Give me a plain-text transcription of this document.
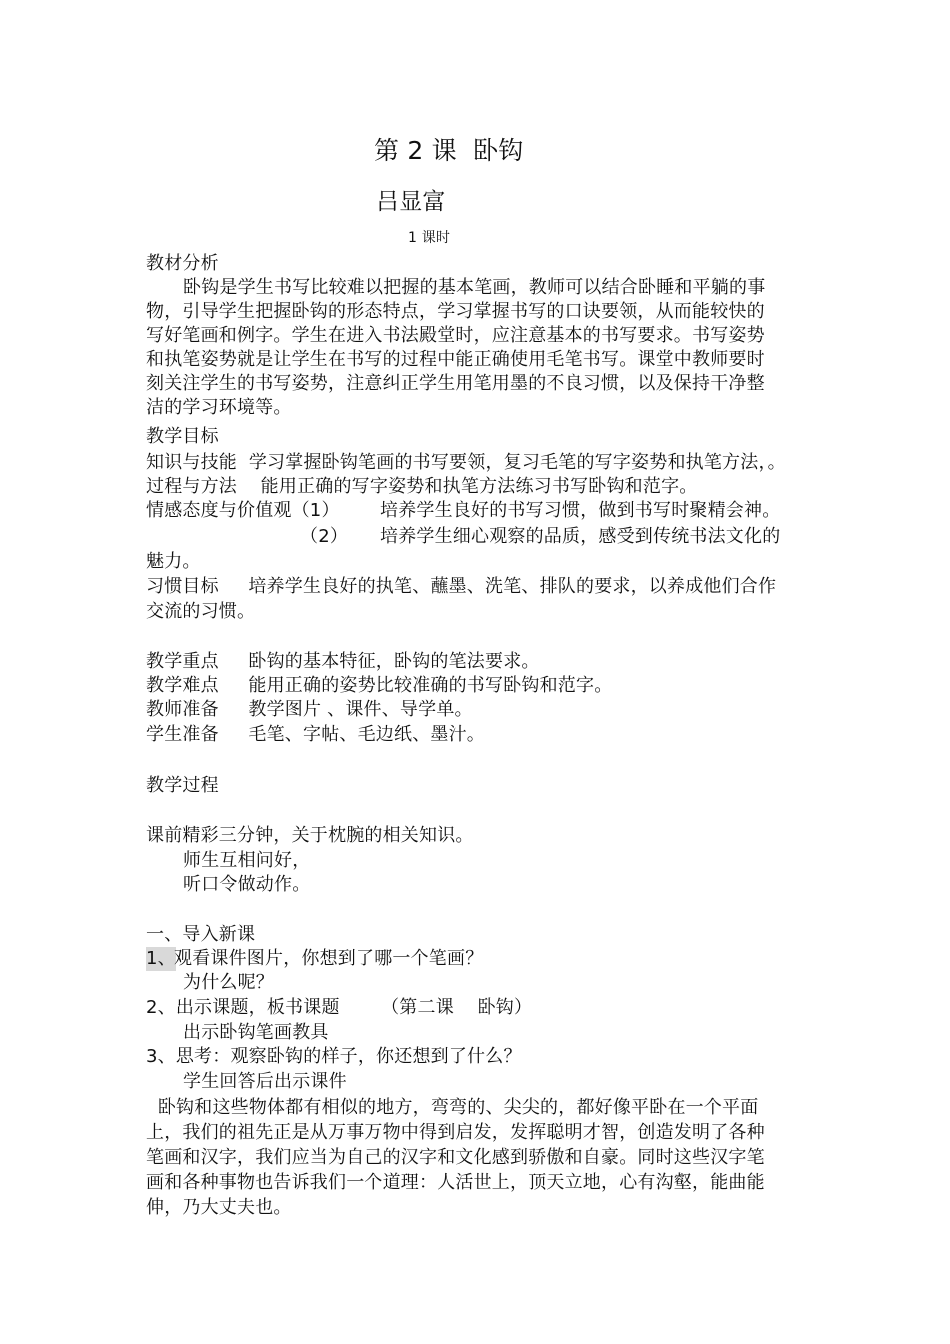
第 2 课  卧钩
吕显富
1 课时
教材分析
卧钩是学生书写比较难以把握的基本笔画，教师可以结合卧睡和平躺的事
物，引导学生把握卧钩的形态特点，学习掌握书写的口诀要领，从而能较快的
写好笔画和例字。学生在进入书法殿堂时，应注意基本的书写要求。书写姿势
和执笔姿势就是让学生在书写的过程中能正确使用毛笔书写。课堂中教师要时
刻关注学生的书写姿势，注意纠正学生用笔用墨的不良习惯，以及保持干净整
洁的学习环境等。
教学目标
知识与技能  学习掌握卧钩笔画的书写要领，复习毛笔的写字姿势和执笔方法，。
过程与方法    能用正确的写字姿势和执笔方法练习书写卧钩和范字。
情感态度与价值观（1） 培养学生良好的书写习惯，做到书写时聚精会神。
（2） 培养学生细心观察的品质，感受到传统书法文化的
魅力。
习惯目标     培养学生良好的执笔、蘸墨、洗笔、排队的要求，以养成他们合作
交流的习惯。
教学重点     卧钩的基本特征，卧钩的笔法要求。
教学难点     能用正确的姿势比较准确的书写卧钩和范字。
教师准备     教学图片 、课件、导学单。
学生准备     毛笔、字帖、毛边纸、墨汁。
教学过程
课前精彩三分钟，关于枕腕的相关知识。
师生互相问好，
听口令做动作。
一、导入新课
1、
观看课件图片，你想到了哪一个笔画？
为什么呢？
2、出示课题，板书课题       （第二课    卧钩）
出示卧钩笔画教具
3、思考：观察卧钩的样子，你还想到了什么？
学生回答后出示课件
卧钩和这些物体都有相似的地方，弯弯的、尖尖的，都好像平卧在一个平面
上，我们的祖先正是从万事万物中得到启发，发挥聪明才智，创造发明了各种
笔画和汉字，我们应当为自己的汉字和文化感到骄傲和自豪。同时这些汉字笔
画和各种事物也告诉我们一个道理：人活世上，顶天立地，心有沟壑，能曲能
伸，乃大丈夫也。
